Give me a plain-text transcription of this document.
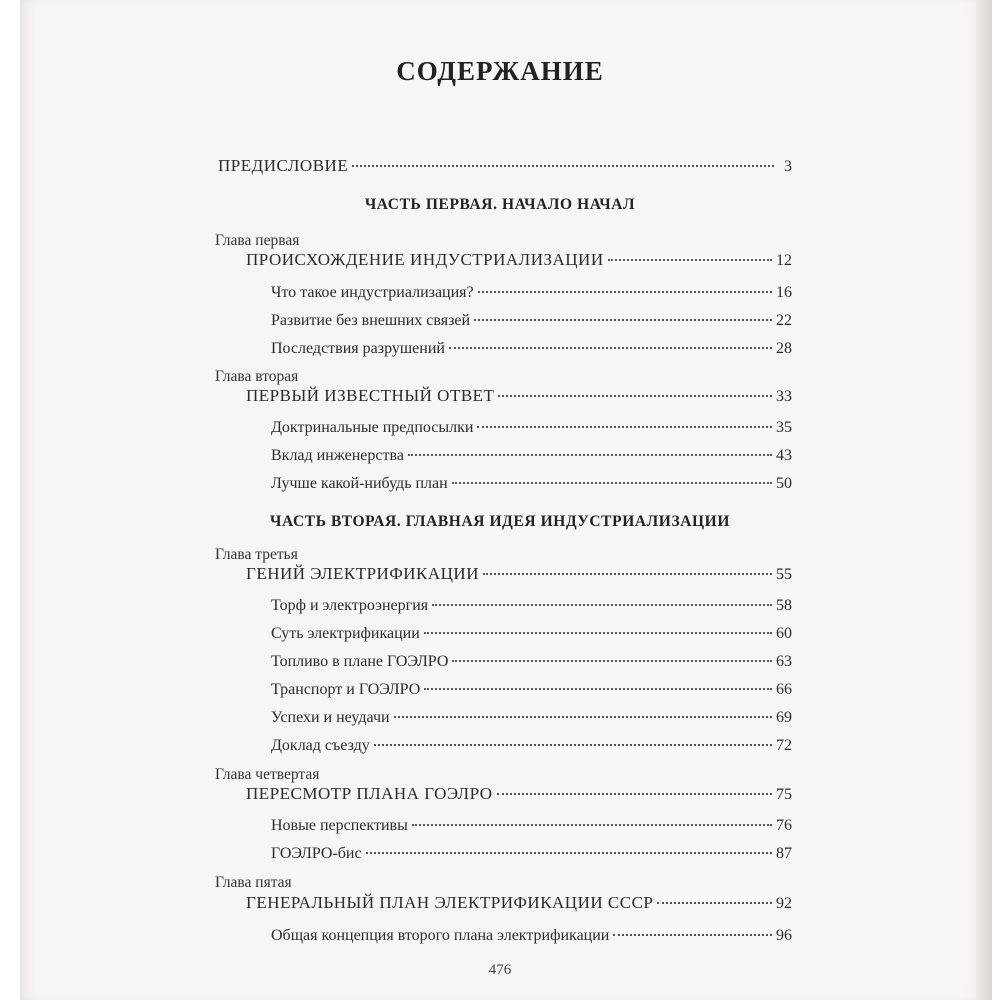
СОДЕРЖАНИЕ
ПРЕДИСЛОВИЕ	3
ЧАСТЬ ПЕРВАЯ. НАЧАЛО НАЧАЛ
Глава первая
ПРОИСХОЖДЕНИЕ ИНДУСТРИАЛИЗАЦИИ	12
Что такое индустриализация?	16
Развитие без внешних связей	22
Последствия разрушений	28
Глава вторая
ПЕРВЫЙ ИЗВЕСТНЫЙ ОТВЕТ	33
Доктринальные предпосылки	35
Вклад инженерства	43
Лучше какой-нибудь план	50
ЧАСТЬ ВТОРАЯ. ГЛАВНАЯ ИДЕЯ ИНДУСТРИАЛИЗАЦИИ
Глава третья
ГЕНИЙ ЭЛЕКТРИФИКАЦИИ	55
Торф и электроэнергия	58
Суть электрификации	60
Топливо в плане ГОЭЛРО	63
Транспорт и ГОЭЛРО	66
Успехи и неудачи	69
Доклад съезду	72
Глава четвертая
ПЕРЕСМОТР ПЛАНА ГОЭЛРО	75
Новые перспективы	76
ГОЭЛРО-бис	87
Глава пятая
ГЕНЕРАЛЬНЫЙ ПЛАН ЭЛЕКТРИФИКАЦИИ СССР	92
Общая концепция второго плана электрификации	96
476
